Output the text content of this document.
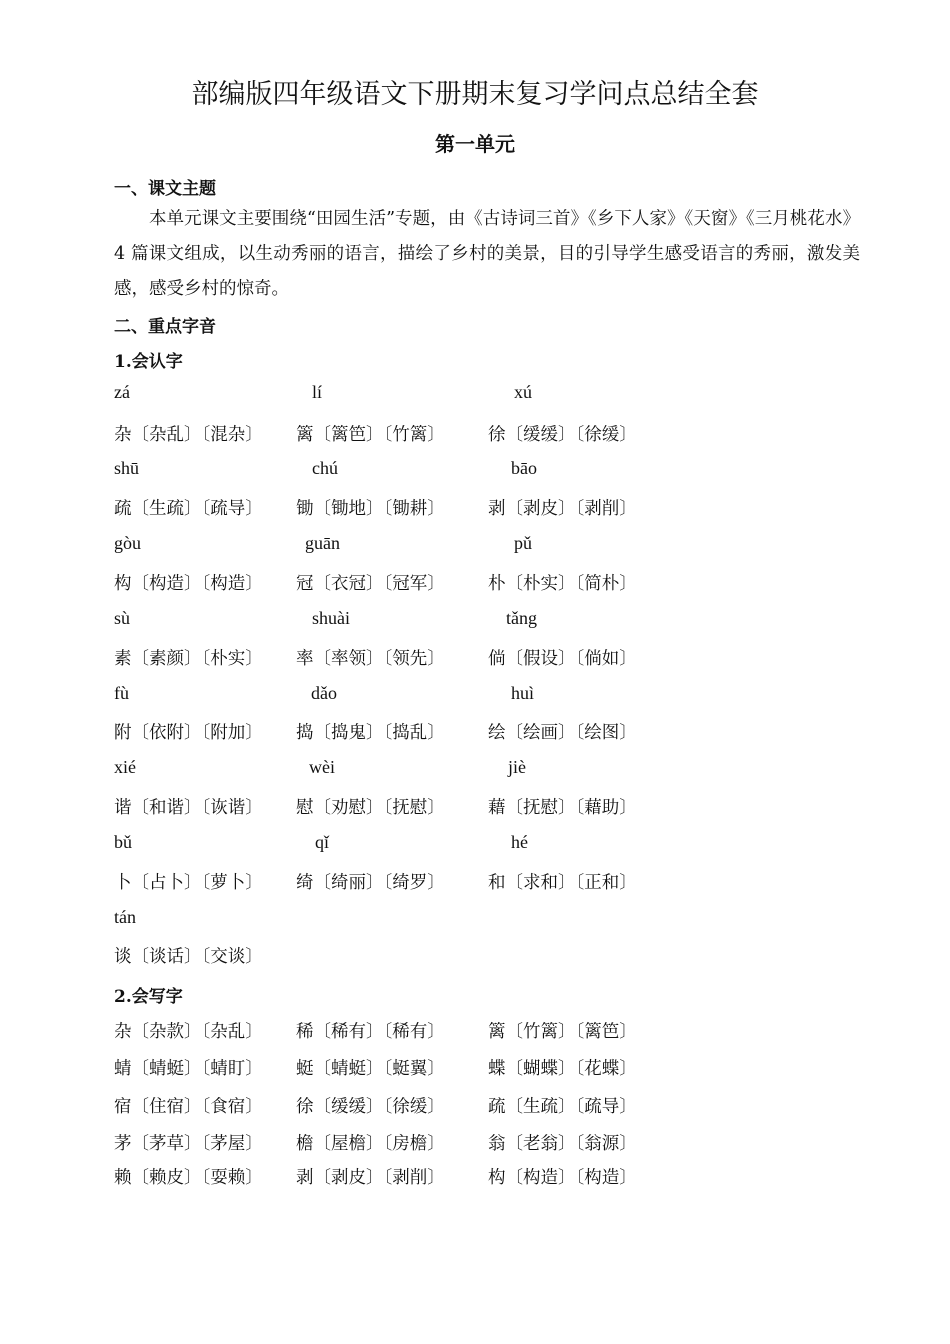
部编版四年级语文下册期末复习学问点总结全套
第一单元
一、课文主题

本单元课文主要围绕“田园生活”专题，由《古诗词三首》《乡下人家》《天窗》《三月桃花水》4 篇课文组成，以生动秀丽的语言，描绘了乡村的美景，目的引导学生感受语言的秀丽，激发美感，感受乡村的惊奇。

二、重点字音
1.会认字
zá	lí	xú
杂〔杂乱〕〔混杂〕 篱〔篱笆〕〔竹篱〕 徐〔缓缓〕〔徐缓〕
shū	chú	bāo
疏〔生疏〕〔疏导〕 锄〔锄地〕〔锄耕〕 剥〔剥皮〕〔剥削〕
gòu	guān	pǔ
构〔构造〕〔构造〕 冠〔衣冠〕〔冠军〕 朴〔朴实〕〔简朴〕
sù	shuài	tǎng
素〔素颜〕〔朴实〕 率〔率领〕〔领先〕 倘〔假设〕〔倘如〕
fù	dǎo	huì
附〔依附〕〔附加〕 捣〔捣鬼〕〔捣乱〕 绘〔绘画〕〔绘图〕
xié	wèi	jiè
谐〔和谐〕〔诙谐〕 慰〔劝慰〕〔抚慰〕 藉〔抚慰〕〔藉助〕
bǔ	qǐ	hé
卜〔占卜〕〔萝卜〕 绮〔绮丽〕〔绮罗〕 和〔求和〕〔正和〕
tán
谈〔谈话〕〔交谈〕
2.会写字
杂〔杂款〕〔杂乱〕 稀〔稀有〕〔稀有〕 篱〔竹篱〕〔篱笆〕
蜻〔蜻蜓〕〔蜻盯〕 蜓〔蜻蜓〕〔蜓翼〕 蝶〔蝴蝶〕〔花蝶〕
宿〔住宿〕〔食宿〕 徐〔缓缓〕〔徐缓〕 疏〔生疏〕〔疏导〕
茅〔茅草〕〔茅屋〕 檐〔屋檐〕〔房檐〕 翁〔老翁〕〔翁源〕
赖〔赖皮〕〔耍赖〕 剥〔剥皮〕〔剥削〕 构〔构造〕〔构造〕
